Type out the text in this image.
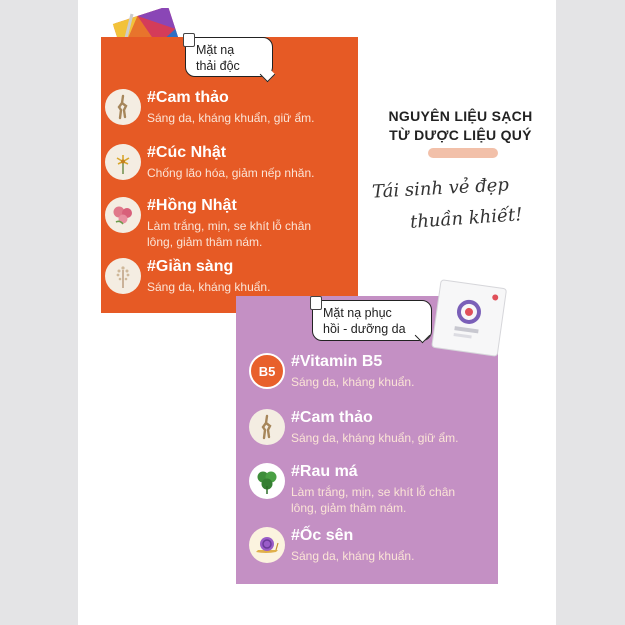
Mặt nạ
thải độc
#Cam thảo
Sáng da, kháng khuẩn, giữ ẩm.
#Cúc Nhật
Chống lão hóa, giảm nếp nhăn.
#Hồng Nhật
Làm trắng, mịn, se khít lỗ chân
lông, giảm thâm nám.
#Giần sàng
Sáng da, kháng khuẩn.
NGUYÊN LIỆU SẠCH
TỪ DƯỢC LIỆU QUÝ
Tái sinh vẻ đẹp
thuần khiết!
Mặt nạ phục
hồi - dưỡng da
B5
#Vitamin B5
Sáng da, kháng khuẩn.
#Cam thảo
Sáng da, kháng khuẩn, giữ ẩm.
#Rau má
Làm trắng, mịn, se khít lỗ chân
lông, giảm thâm nám.
#Ốc sên
Sáng da, kháng khuẩn.
